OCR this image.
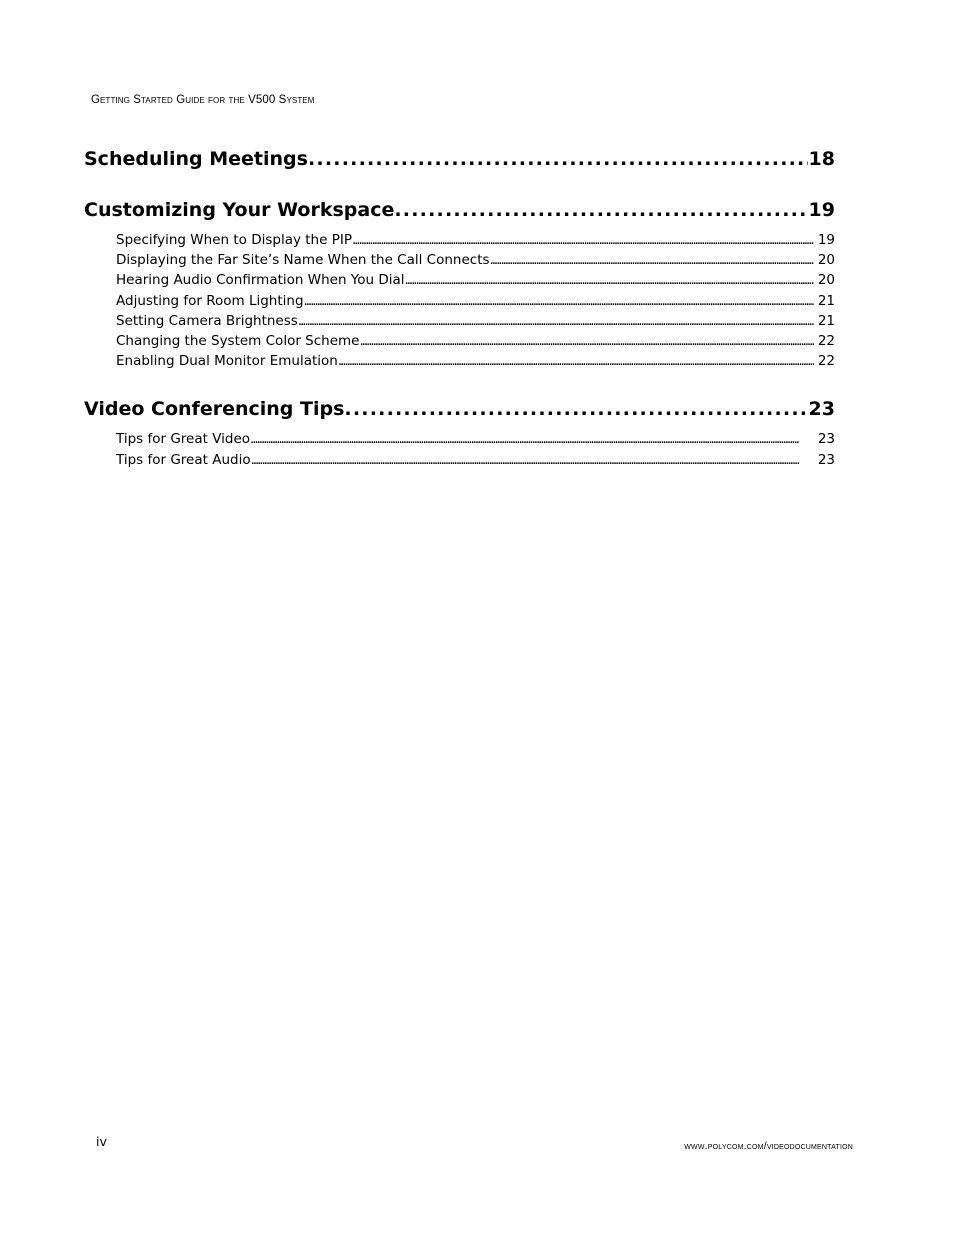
Getting Started Guide for the V500 System
Scheduling Meetings . . .	18
Customizing Your Workspace . . .	19
Specifying When to Display the PIP . . .	19
Displaying the Far Site’s Name When the Call Connects . . .	20
Hearing Audio Confirmation When You Dial . . .	20
Adjusting for Room Lighting . . .	21
Setting Camera Brightness . . .	21
Changing the System Color Scheme . . .	22
Enabling Dual Monitor Emulation . . .	22
Video Conferencing Tips . . .	23
Tips for Great Video . . .	23
Tips for Great Audio . . .	23
iv	www.polycom.com/videodocumentation
